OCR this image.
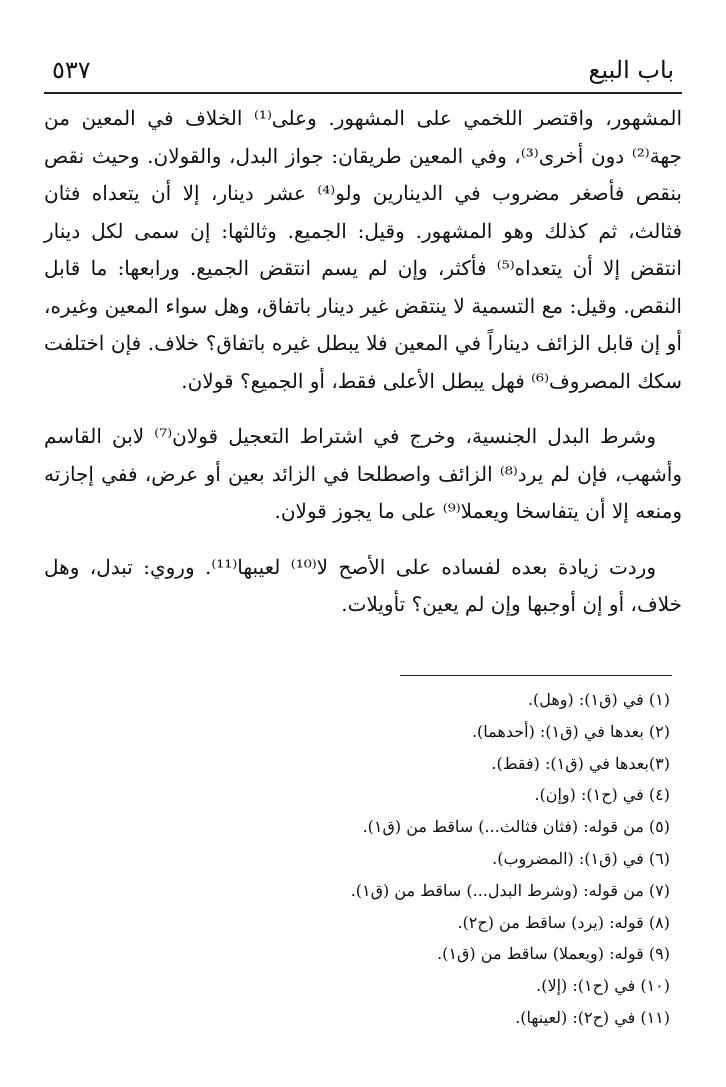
٥٣٧	باب البيع

المشهور، واقتصر اللخمي على المشهور. وعلى⁽¹⁾ الخلاف في المعين من جهة⁽²⁾ دون أخرى⁽³⁾، وفي المعين طريقان: جواز البدل، والقولان. وحيث نقص بنقص فأصغر مضروب في الدينارين ولو⁽⁴⁾ عشر دينار، إلا أن يتعداه فثان فثالث، ثم كذلك وهو المشهور. وقيل: الجميع. وثالثها: إن سمى لكل دينار انتقض إلا أن يتعداه⁽⁵⁾ فأكثر، وإن لم يسم انتقض الجميع. ورابعها: ما قابل النقص. وقيل: مع التسمية لا ينتقض غير دينار باتفاق، وهل سواء المعين وغيره، أو إن قابل الزائف ديناراً في المعين فلا يبطل غيره باتفاق؟ خلاف. فإن اختلفت سكك المصروف⁽⁶⁾ فهل يبطل الأعلى فقط، أو الجميع؟ قولان.

وشرط البدل الجنسية، وخرج في اشتراط التعجيل قولان⁽⁷⁾ لابن القاسم وأشهب، فإن لم يرد⁽⁸⁾ الزائف واصطلحا في الزائد بعين أو عرض، ففي إجازته ومنعه إلا أن يتفاسخا ويعملا⁽⁹⁾ على ما يجوز قولان.

وردت زيادة بعده لفساده على الأصح لا⁽¹⁰⁾ لعيبها⁽¹¹⁾. وروي: تبدل، وهل خلاف، أو إن أوجبها وإن لم يعين؟ تأويلات.

(١) في (ق١): (وهل).
(٢) بعدها في (ق١): (أحدهما).
(٣)بعدها في (ق١): (فقط).
(٤) في (ح١): (وإن).
(٥) من قوله: (فثان فثالث...) ساقط من (ق١).
(٦) في (ق١): (المضروب).
(٧) من قوله: (وشرط البدل...) ساقط من (ق١).
(٨) قوله: (يرد) ساقط من (ح٢).
(٩) قوله: (ويعملا) ساقط من (ق١).
(١٠) في (ح١): (إلا).
(١١) في (ح٢): (لعينها).
